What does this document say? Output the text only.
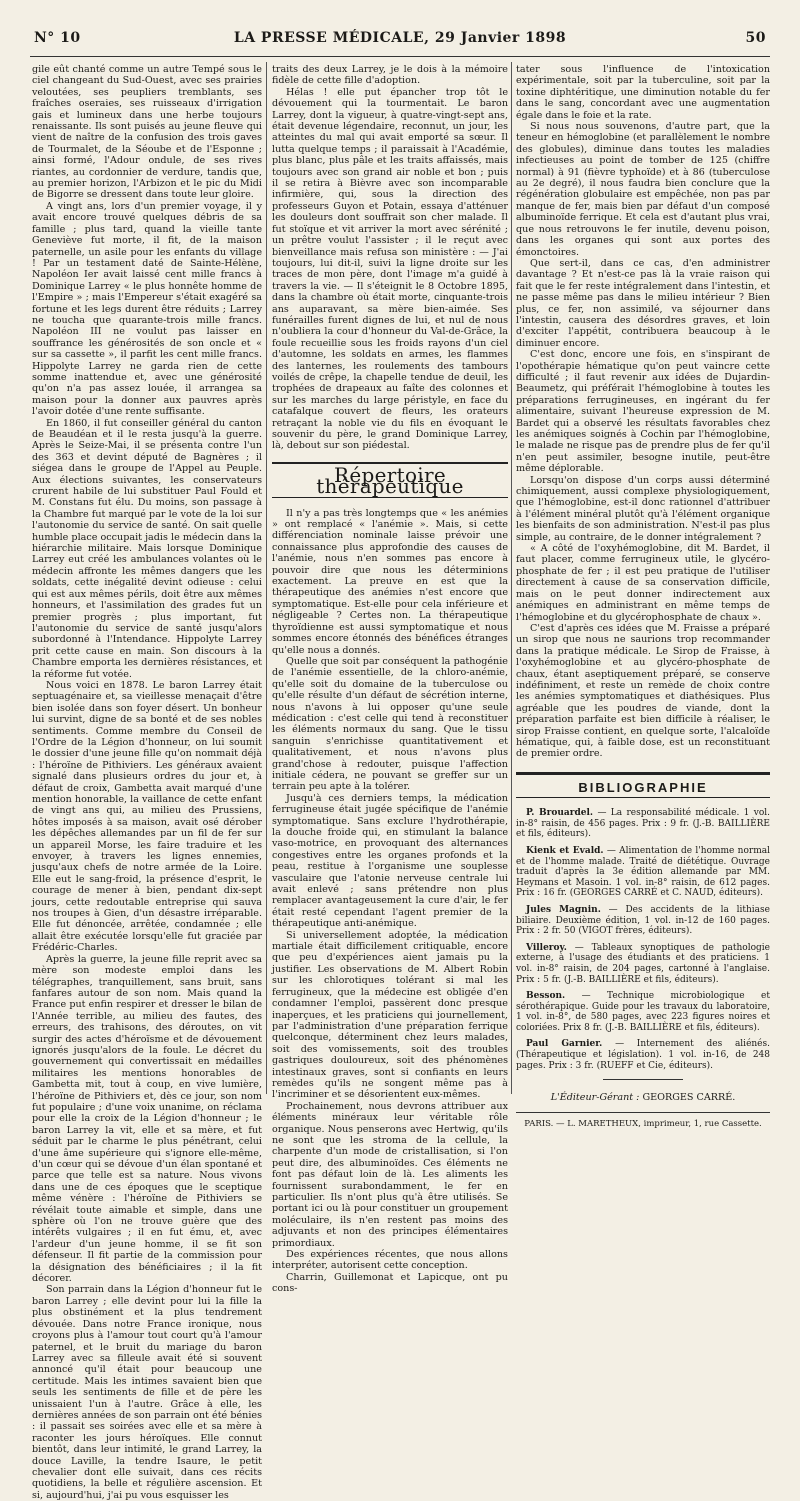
N° 10	LA PRESSE MÉDICALE, 29 Janvier 1898	50

gile eût chanté comme un autre Tempé sous le ciel changeant du Sud-Ouest, avec ses prairies veloutées, ses peupliers tremblants, ses fraîches oseraies, ses ruisseaux d'irrigation gais et lumineux dans une herbe toujours renaissante. Ils sont puisés au jeune fleuve qui vient de naître de la confusion des trois gaves de Tourmalet, de la Séoube et de l'Esponne ; ainsi formé, l'Adour ondule, de ses rives riantes, au cordonnier de verdure, tandis que, au premier horizon, l'Arbizon et le pic du Midi de Bigorre se dressent dans toute leur gloire.

A vingt ans, lors d'un premier voyage, il y avait encore trouvé quelques débris de sa famille ; plus tard, quand la vieille tante Geneviève fut morte, il fit, de la maison paternelle, un asile pour les enfants du village ! Par un testament daté de Sainte-Hélène, Napoléon Ier avait laissé cent mille francs à Dominique Larrey « le plus honnête homme de l'Empire » ; mais l'Empereur s'était exagéré sa fortune et les legs durent être réduits ; Larrey ne toucha que quarante-trois mille francs. Napoléon III ne voulut pas laisser en souffrance les générosités de son oncle et « sur sa cassette », il parfit les cent mille francs. Hippolyte Larrey ne garda rien de cette somme inattendue et, avec une générosité qu'on n'a pas assez louée, il arrangea sa maison pour la donner aux pauvres après l'avoir dotée d'une rente suffisante.

En 1860, il fut conseiller général du canton de Beaudéan et il le resta jusqu'à la guerre. Après le Seize-Mai, il se présenta contre l'un des 363 et devint député de Bagnères ; il siégea dans le groupe de l'Appel au Peuple. Aux élections suivantes, les conservateurs crurent habile de lui substituer Paul Fould et M. Constans fut élu. Du moins, son passage à la Chambre fut marqué par le vote de la loi sur l'autonomie du service de santé. On sait quelle humble place occupait jadis le médecin dans la hiérarchie militaire. Mais lorsque Dominique Larrey eut créé les ambulances volantes où le médecin affronte les mêmes dangers que les soldats, cette inégalité devint odieuse : celui qui est aux mêmes périls, doit être aux mêmes honneurs, et l'assimilation des grades fut un premier progrès ; plus important, fut l'autonomie du service de santé jusqu'alors subordonné à l'Intendance. Hippolyte Larrey prit cette cause en main. Son discours à la Chambre emporta les dernières résistances, et la réforme fut votée.

Nous voici en 1878. Le baron Larrey était septuagénaire et, sa vieillesse menaçait d'être bien isolée dans son foyer désert. Un bonheur lui survint, digne de sa bonté et de ses nobles sentiments. Comme membre du Conseil de l'Ordre de la Légion d'honneur, on lui soumit le dossier d'une jeune fille qu'on nommait déjà : l'héroïne de Pithiviers. Les généraux avaient signalé dans plusieurs ordres du jour et, à défaut de croix, Gambetta avait marqué d'une mention honorable, la vaillance de cette enfant de vingt ans qui, au milieu des Prussiens, hôtes imposés à sa maison, avait osé dérober les dépêches allemandes par un fil de fer sur un appareil Morse, les faire traduire et les envoyer, à travers les lignes ennemies, jusqu'aux chefs de notre armée de la Loire. Elle eut le sang-froid, la présence d'esprit, le courage de mener à bien, pendant dix-sept jours, cette redoutable entreprise qui sauva nos troupes à Gien, d'un désastre irréparable. Elle fut dénoncée, arrêtée, condamnée ; elle allait être exécutée lorsqu'elle fut graciée par Frédéric-Charles.

Après la guerre, la jeune fille reprit avec sa mère son modeste emploi dans les télégraphes, tranquillement, sans bruit, sans fanfares autour de son nom. Mais quand la France put enfin respirer et dresser le bilan de l'Année terrible, au milieu des fautes, des erreurs, des trahisons, des déroutes, on vit surgir des actes d'héroïsme et de dévouement ignorés jusqu'alors de la foule. Le décret du gouvernement qui convertissait en médailles militaires les mentions honorables de Gambetta mit, tout à coup, en vive lumière, l'héroïne de Pithiviers et, dès ce jour, son nom fut populaire ; d'une voix unanime, on réclama pour elle la croix de la Légion d'honneur ; le baron Larrey la vit, elle et sa mère, et fut séduit par le charme le plus pénétrant, celui d'une âme supérieure qui s'ignore elle-même, d'un cœur qui se dévoue d'un élan spontané et parce que telle est sa nature. Nous vivons dans une de ces époques que le sceptique même vénère : l'héroïne de Pithiviers se révélait toute aimable et simple, dans une sphère où l'on ne trouve guère que des intérêts vulgaires ; il en fut ému, et, avec l'ardeur d'un jeune homme, il se fit son défenseur. Il fit partie de la commission pour la désignation des bénéficiaires ; il la fit décorer.

Son parrain dans la Légion d'honneur fut le baron Larrey ; elle devint pour lui la fille la plus obstinément et la plus tendrement dévouée. Dans notre France ironique, nous croyons plus à l'amour tout court qu'à l'amour paternel, et le bruit du mariage du baron Larrey avec sa filleule avait été si souvent annoncé qu'il était pour beaucoup une certitude. Mais les intimes savaient bien que seuls les sentiments de fille et de père les unissaient l'un à l'autre. Grâce à elle, les dernières années de son parrain ont été bénies : il passait ses soirées avec elle et sa mère à raconter les jours héroïques. Elle connut bientôt, dans leur intimité, le grand Larrey, la douce Laville, la tendre Isaure, le petit chevalier dont elle suivait, dans ces récits quotidiens, la belle et régulière ascension. Et si, aujourd'hui, j'ai pu vous esquisser les

traits des deux Larrey, je le dois à la mémoire fidèle de cette fille d'adoption.

Hélas ! elle put épancher trop tôt le dévouement qui la tourmentait. Le baron Larrey, dont la vigueur, à quatre-vingt-sept ans, était devenue légendaire, reconnut, un jour, les atteintes du mal qui avait emporté sa sœur. Il lutta quelque temps ; il paraissait à l'Académie, plus blanc, plus pâle et les traits affaissés, mais toujours avec son grand air noble et bon ; puis il se retira à Bièvre avec son incomparable infirmière, qui, sous la direction des professeurs Guyon et Potain, essaya d'atténuer les douleurs dont souffrait son cher malade. Il fut stoïque et vit arriver la mort avec sérénité ; un prêtre voulut l'assister ; il le reçut avec bienveillance mais refusa son ministère : — J'ai toujours, lui dit-il, suivi la ligne droite sur les traces de mon père, dont l'image m'a guidé à travers la vie. — Il s'éteignit le 8 Octobre 1895, dans la chambre où était morte, cinquante-trois ans auparavant, sa mère bien-aimée. Ses funérailles furent dignes de lui, et nul de nous n'oubliera la cour d'honneur du Val-de-Grâce, la foule recueillie sous les froids rayons d'un ciel d'automne, les soldats en armes, les flammes des lanternes, les roulements des tambours voilés de crêpe, la chapelle tendue de deuil, les trophées de drapeaux au faîte des colonnes et sur les marches du large péristyle, en face du catafalque couvert de fleurs, les orateurs retraçant la noble vie du fils en évoquant le souvenir du père, le grand Dominique Larrey, là, debout sur son piédestal.

Répertoire thérapeutique

Il n'y a pas très longtemps que « les anémies » ont remplacé « l'anémie ». Mais, si cette différenciation nominale laisse prévoir une connaissance plus approfondie des causes de l'anémie, nous n'en sommes pas encore à pouvoir dire que nous les déterminions exactement. La preuve en est que la thérapeutique des anémies n'est encore que symptomatique. Est-elle pour cela inférieure et négligeable ? Certes non. La thérapeutique thyroïdienne est aussi symptomatique et nous sommes encore étonnés des bénéfices étranges qu'elle nous a donnés.

Quelle que soit par conséquent la pathogénie de l'anémie essentielle, de la chloro-anémie, qu'elle soit du domaine de la tuberculose ou qu'elle résulte d'un défaut de sécrétion interne, nous n'avons à lui opposer qu'une seule médication : c'est celle qui tend à reconstituer les éléments normaux du sang. Que le tissu sanguin s'enrichisse quantitativement et qualitativement, et nous n'avons plus grand'chose à redouter, puisque l'affection initiale cédera, ne pouvant se greffer sur un terrain peu apte à la tolérer.

Jusqu'à ces derniers temps, la médication ferrugineuse était jugée spécifique de l'anémie symptomatique. Sans exclure l'hydrothérapie, la douche froide qui, en stimulant la balance vaso-motrice, en provoquant des alternances congestives entre les organes profonds et la peau, restitue à l'organisme une souplesse vasculaire que l'atonie nerveuse centrale lui avait enlevé ; sans prétendre non plus remplacer avantageusement la cure d'air, le fer était resté cependant l'agent premier de la thérapeutique anti-anémique.

Si universellement adoptée, la médication martiale était difficilement critiquable, encore que peu d'expériences aient jamais pu la justifier. Les observations de M. Albert Robin sur les chlorotiques tolérant si mal les ferrugineux, que la médecine est obligée d'en condamner l'emploi, passèrent donc presque inaperçues, et les praticiens qui journellement, par l'administration d'une préparation ferrique quelconque, déterminent chez leurs malades, soit des vomissements, soit des troubles gastriques douloureux, soit des phénomènes intestinaux graves, sont si confiants en leurs remèdes qu'ils ne songent même pas à l'incriminer et se désorientent eux-mêmes.

Prochainement, nous devrons attribuer aux éléments minéraux leur véritable rôle organique. Nous penserons avec Hertwig, qu'ils ne sont que les stroma de la cellule, la charpente d'un mode de cristallisation, si l'on peut dire, des albuminoïdes. Ces éléments ne font pas défaut loin de là. Les aliments les fournissent surabondamment, le fer en particulier. Ils n'ont plus qu'à être utilisés. Se portant ici ou là pour constituer un groupement moléculaire, ils n'en restent pas moins des adjuvants et non des principes élémentaires primordiaux.

Des expériences récentes, que nous allons interpréter, autorisent cette conception.

Charrin, Guillemonat et Lapicque, ont pu cons-

tater sous l'influence de l'intoxication expérimentale, soit par la tuberculine, soit par la toxine diphtéritique, une diminution notable du fer dans le sang, concordant avec une augmentation égale dans le foie et la rate.

Si nous nous souvenons, d'autre part, que la teneur en hémoglobine (et parallèlement le nombre des globules), diminue dans toutes les maladies infectieuses au point de tomber de 125 (chiffre normal) à 91 (fièvre typhoïde) et à 86 (tuberculose au 2e degré), il nous faudra bien conclure que la régénération globulaire est empêchée, non pas par manque de fer, mais bien par défaut d'un composé albuminoïde ferrique. Et cela est d'autant plus vrai, que nous retrouvons le fer inutile, devenu poison, dans les organes qui sont aux portes des émonctoires.

Que sert-il, dans ce cas, d'en administrer davantage ? Et n'est-ce pas là la vraie raison qui fait que le fer reste intégralement dans l'intestin, et ne passe même pas dans le milieu intérieur ? Bien plus, ce fer, non assimilé, va séjourner dans l'intestin, causera des désordres graves, et loin d'exciter l'appétit, contribuera beaucoup à le diminuer encore.

C'est donc, encore une fois, en s'inspirant de l'opothérapie hématique qu'on peut vaincre cette difficulté ; il faut revenir aux idées de Dujardin-Beaumetz, qui préférait l'hémoglobine à toutes les préparations ferrugineuses, en ingérant du fer alimentaire, suivant l'heureuse expression de M. Bardet qui a observé les résultats favorables chez les anémiques soignés à Cochin par l'hémoglobine, le malade ne risque pas de prendre plus de fer qu'il n'en peut assimiler, besogne inutile, peut-être même déplorable.

Lorsqu'on dispose d'un corps aussi déterminé chimiquement, aussi complexe physiologiquement, que l'hémoglobine, est-il donc rationnel d'attribuer à l'élément minéral plutôt qu'à l'élément organique les bienfaits de son administration. N'est-il pas plus simple, au contraire, de le donner intégralement ?

« A côté de l'oxyhémoglobine, dit M. Bardet, il faut placer, comme ferrugineux utile, le glycéro-phosphate de fer ; il est peu pratique de l'utiliser directement à cause de sa conservation difficile, mais on le peut donner indirectement aux anémiques en administrant en même temps de l'hémoglobine et du glycérophosphate de chaux ».

C'est d'après ces idées que M. Fraisse a préparé un sirop que nous ne saurions trop recommander dans la pratique médicale. Le Sirop de Fraisse, à l'oxyhémoglobine et au glycéro-phosphate de chaux, étant aseptiquement préparé, se conserve indéfiniment, et reste un remède de choix contre les anémies symptomatiques et diathésiques. Plus agréable que les poudres de viande, dont la préparation parfaite est bien difficile à réaliser, le sirop Fraisse contient, en quelque sorte, l'alcaloïde hématique, qui, à faible dose, est un reconstituant de premier ordre.

BIBLIOGRAPHIE
P. Brouardel. — La responsabilité médicale. 1 vol. in-8° raisin, de 456 pages. Prix : 9 fr. (J.-B. BAILLIÈRE et fils, éditeurs).
Kienk et Evald. — Alimentation de l'homme normal et de l'homme malade. Traité de diététique. Ouvrage traduit d'après la 3e édition allemande par MM. Heymans et Masoin. 1 vol. in-8° raisin, de 612 pages. Prix : 16 fr. (GEORGES CARRÉ et C. NAUD, éditeurs).
Jules Magnin. — Des accidents de la lithiase biliaire. Deuxième édition, 1 vol. in-12 de 160 pages. Prix : 2 fr. 50 (VIGOT frères, éditeurs).
Villeroy. — Tableaux synoptiques de pathologie externe, à l'usage des étudiants et des praticiens. 1 vol. in-8° raisin, de 204 pages, cartonné à l'anglaise. Prix : 5 fr. (J.-B. BAILLIÈRE et fils, éditeurs).
Besson. — Technique microbiologique et sérothérapique. Guide pour les travaux du laboratoire, 1 vol. in-8°, de 580 pages, avec 223 figures noires et coloriées. Prix 8 fr. (J.-B. BAILLIÈRE et fils, éditeurs).
Paul Garnier. — Internement des aliénés. (Thérapeutique et législation). 1 vol. in-16, de 248 pages. Prix : 3 fr. (RUEFF et Cie, éditeurs).
L'Éditeur-Gérant : GEORGES CARRÉ.
PARIS. — L. MARETHEUX, imprimeur, 1, rue Cassette.
